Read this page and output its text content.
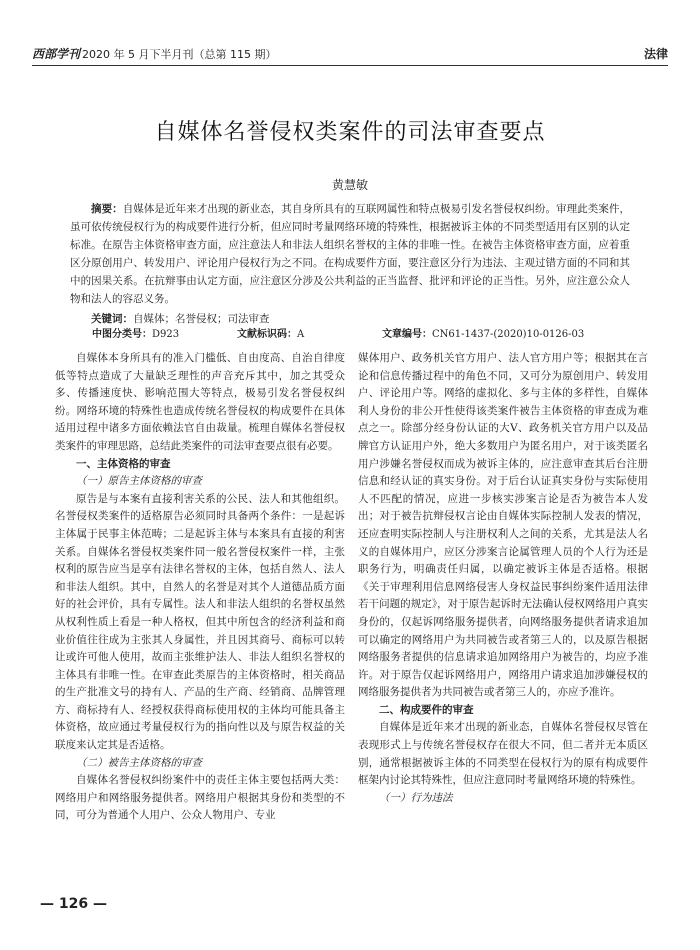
西部学刊 2020 年 5 月下半月刊（总第 115 期）	法律
自媒体名誉侵权类案件的司法审查要点
黄慧敏
摘要：自媒体是近年来才出现的新业态，其自身所具有的互联网属性和特点极易引发名誉侵权纠纷。审理此类案件，虽可依传统侵权行为的构成要件进行分析，但应同时考量网络环境的特殊性，根据被诉主体的不同类型适用有区别的认定标准。在原告主体资格审查方面，应注意法人和非法人组织名誉权的主体的非唯一性。在被告主体资格审查方面，应着重区分原创用户、转发用户、评论用户侵权行为之不同。在构成要件方面，要注意区分行为违法、主观过错方面的不同和其中的因果关系。在抗辩事由认定方面，应注意区分涉及公共利益的正当监督、批评和评论的正当性。另外，应注意公众人物和法人的容忍义务。
关键词：自媒体；名誉侵权；司法审查
中图分类号：D923	文献标识码：A	文章编号：CN61-1437-(2020)10-0126-03

自媒体本身所具有的准入门槛低、自由度高、自治自律度低等特点造成了大量缺乏理性的声音充斥其中，加之其受众多、传播速度快、影响范围大等特点，极易引发名誉侵权纠纷。网络环境的特殊性也造成传统名誉侵权的构成要件在具体适用过程中诸多方面依赖法官自由裁量。梳理自媒体名誉侵权类案件的审理思路，总结此类案件的司法审查要点很有必要。

一、主体资格的审查

（一）原告主体资格的审查

原告是与本案有直接利害关系的公民、法人和其他组织。名誉侵权类案件的适格原告必须同时具备两个条件：一是起诉主体属于民事主体范畴；二是起诉主体与本案具有直接的利害关系。自媒体名誉侵权类案件同一般名誉侵权案件一样，主张权利的原告应当是享有法律名誉权的主体，包括自然人、法人和非法人组织。其中，自然人的名誉是对其个人道德品质方面好的社会评价，具有专属性。法人和非法人组织的名誉权虽然从权利性质上看是一种人格权，但其中所包含的经济利益和商业价值往往成为主张其人身属性，并且因其商号、商标可以转让或许可他人使用，故而主张维护法人、非法人组织名誉权的主体具有非唯一性。在审查此类原告的主体资格时，相关商品的生产批准文号的持有人、产品的生产商、经销商、品牌管理方、商标持有人、经授权获得商标使用权的主体均可能具备主体资格，故应通过考量侵权行为的指向性以及与原告权益的关联度来认定其是否适格。

（二）被告主体资格的审查

自媒体名誉侵权纠纷案件中的责任主体主要包括两大类：网络用户和网络服务提供者。网络用户根据其身份和类型的不同，可分为普通个人用户、公众人物用户、专业

媒体用户、政务机关官方用户、法人官方用户等；根据其在言论和信息传播过程中的角色不同，又可分为原创用户、转发用户、评论用户等。网络的虚拟化、多与主体的多样性，自媒体利人身份的非公开性使得该类案件被告主体资格的审查成为难点之一。除部分经身份认证的大V、政务机关官方用户以及品牌官方认证用户外，绝大多数用户为匿名用户，对于该类匿名用户涉嫌名誉侵权而成为被诉主体的，应注意审查其后台注册信息和经认证的真实身份。对于后台认证真实身份与实际使用人不匹配的情况，应进一步核实涉案言论是否为被告本人发出；对于被告抗辩侵权言论由自媒体实际控制人发表的情况，还应查明实际控制人与注册权利人之间的关系，尤其是法人名义的自媒体用户，应区分涉案言论属管理人员的个人行为还是职务行为，明确责任归属，以确定被诉主体是否适格。根据《关于审理利用信息网络侵害人身权益民事纠纷案件适用法律若干问题的规定》，对于原告起诉时无法确认侵权网络用户真实身份的，仅起诉网络服务提供者，向网络服务提供者请求追加可以确定的网络用户为共同被告或者第三人的，以及原告根据网络服务者提供的信息请求追加网络用户为被告的，均应予准许。对于原告仅起诉网络用户，网络用户请求追加涉嫌侵权的网络服务提供者为共同被告或者第三人的，亦应予准许。

二、构成要件的审查

自媒体是近年来才出现的新业态，自媒体名誉侵权尽管在表现形式上与传统名誉侵权存在很大不同，但二者并无本质区别，通常根据被诉主体的不同类型在侵权行为的原有构成要件框架内讨论其特殊性，但应注意同时考量网络环境的特殊性。

（一）行为违法

— 126 —
